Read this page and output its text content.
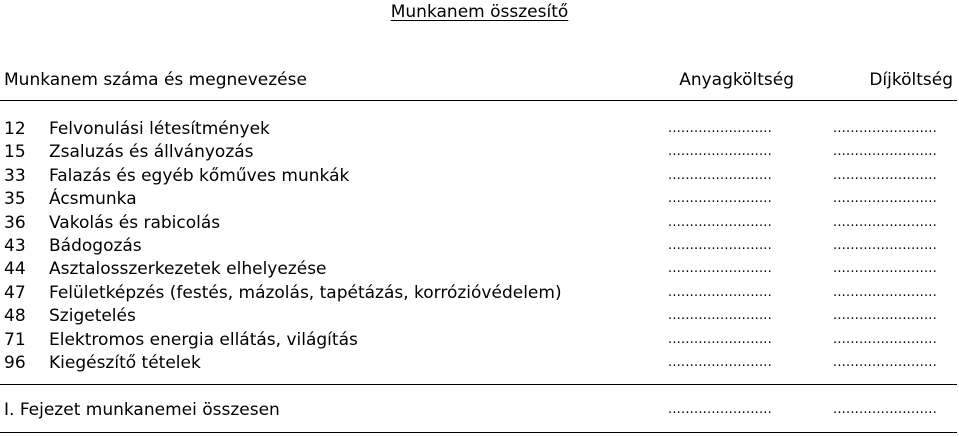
Munkanem összesítő
Munkanem száma és megnevezése	Anyagköltség	Díjköltség
12 Felvonulási létesítmények	........................	........................
15 Zsaluzás és állványozás	........................	........................
33 Falazás és egyéb kőműves munkák	........................	........................
35 Ácsmunka	........................	........................
36 Vakolás és rabicolás	........................	........................
43 Bádogozás	........................	........................
44 Asztalosszerkezetek elhelyezése	........................	........................
47 Felületképzés (festés, mázolás, tapétázás, korrózióvédelem)	........................	........................
48 Szigetelés	........................	........................
71 Elektromos energia ellátás, világítás	........................	........................
96 Kiegészítő tételek	........................	........................
I. Fejezet munkanemei összesen	........................	........................
